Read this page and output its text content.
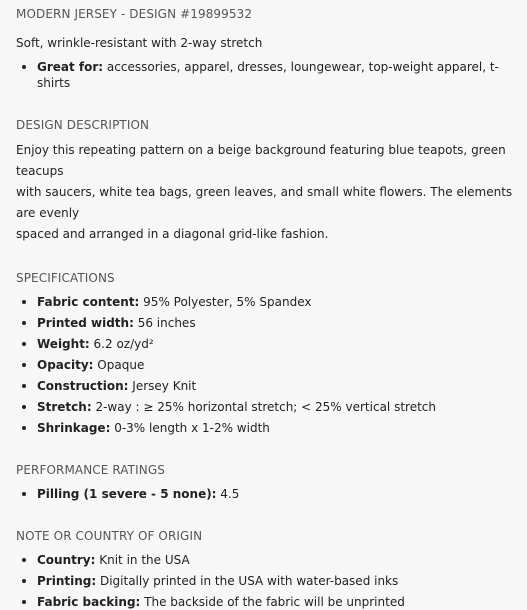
MODERN JERSEY - DESIGN #19899532
Soft, wrinkle-resistant with 2-way stretch
Great for: accessories, apparel, dresses, loungewear, top-weight apparel, t-shirts
DESIGN DESCRIPTION
Enjoy this repeating pattern on a beige background featuring blue teapots, green teacups
with saucers, white tea bags, green leaves, and small white flowers. The elements are evenly
spaced and arranged in a diagonal grid-like fashion.
SPECIFICATIONS
Fabric content: 95% Polyester, 5% Spandex
Printed width: 56 inches
Weight: 6.2 oz/yd²
Opacity: Opaque
Construction: Jersey Knit
Stretch: 2-way : ≥ 25% horizontal stretch; < 25% vertical stretch
Shrinkage: 0-3% length x 1-2% width
PERFORMANCE RATINGS
Pilling (1 severe - 5 none): 4.5
NOTE OR COUNTRY OF ORIGIN
Country: Knit in the USA
Printing: Digitally printed in the USA with water-based inks
Fabric backing: The backside of the fabric will be unprinted
